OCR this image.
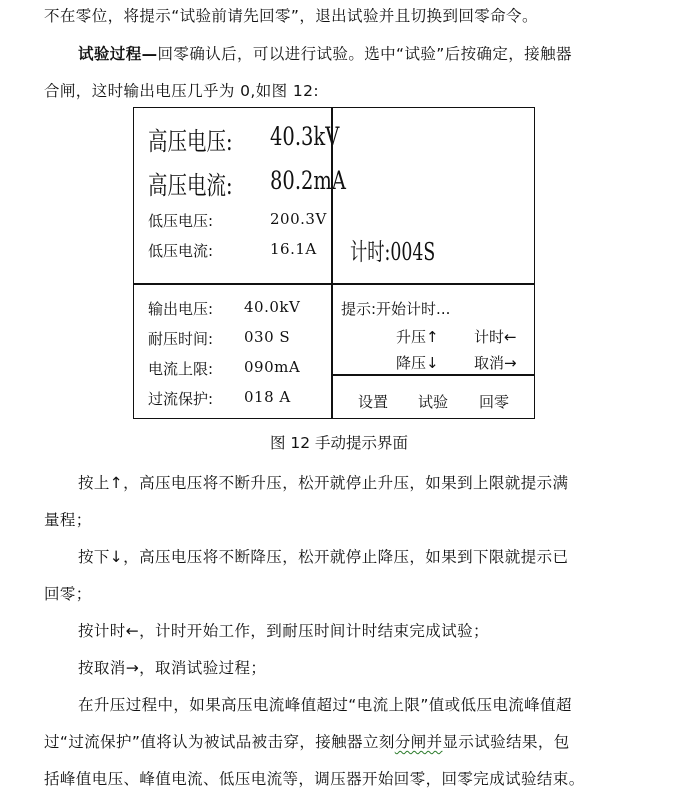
不在零位，将提示“试验前请先回零”，退出试验并且切换到回零命令。
试验过程—回零确认后，可以进行试验。选中“试验”后按确定，接触器
合闸，这时输出电压几乎为 0,如图 12:
高压电压: 40.3kV
高压电流: 80.2mA
低压电压:	200.3V
低压电流:	16.1A 计时:004S
输出电压: 40.0kV
耐压时间: 030 S
电流上限: 090mA
过流保护: 018 A
提示:开始计时...
升压↑ 计时←
降压↓ 取消→
设置 试验 回零
图 12 手动提示界面
按上↑，高压电压将不断升压，松开就停止升压，如果到上限就提示满
量程；
按下↓，高压电压将不断降压，松开就停止降压，如果到下限就提示已
回零；
按计时←，计时开始工作，到耐压时间计时结束完成试验；
按取消→，取消试验过程；
在升压过程中，如果高压电流峰值超过“电流上限”值或低压电流峰值超
过“过流保护”值将认为被试品被击穿，接触器立刻分闸并显示试验结果，包
括峰值电压、峰值电流、低压电流等，调压器开始回零，回零完成试验结束。
